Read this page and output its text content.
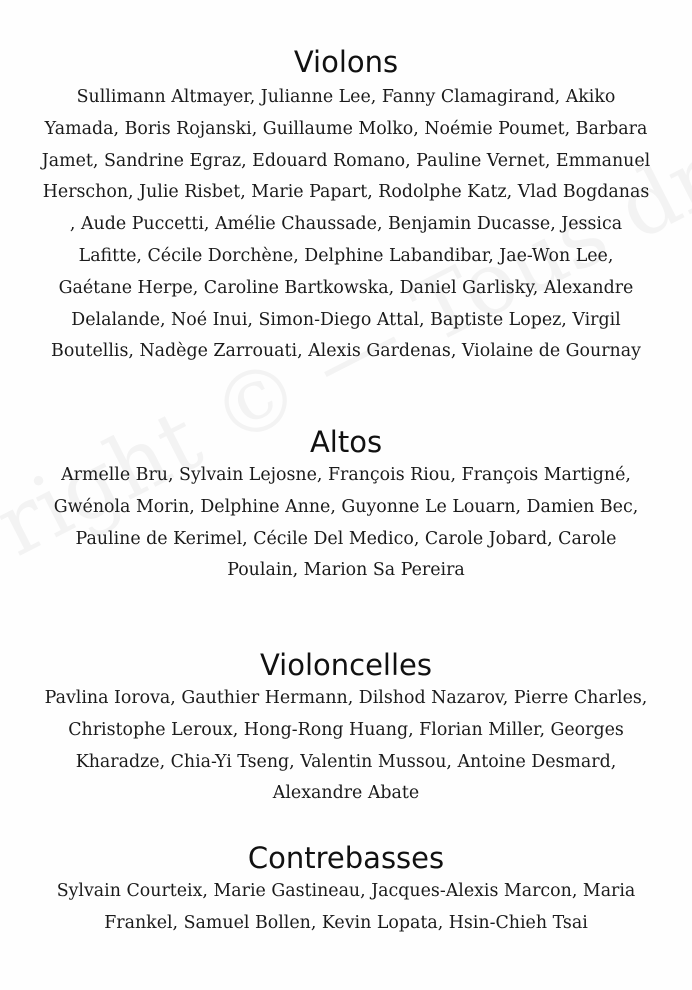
Violons

Sullimann Altmayer, Julianne Lee, Fanny Clamagirand, Akiko Yamada, Boris Rojanski, Guillaume Molko, Noémie Poumet, Barbara Jamet, Sandrine Egraz, Edouard Romano, Pauline Vernet, Emmanuel Herschon, Julie Risbet, Marie Papart, Rodolphe Katz, Vlad Bogdanas , Aude Puccetti, Amélie Chaussade, Benjamin Ducasse, Jessica Lafitte, Cécile Dorchène, Delphine Labandibar, Jae-Won Lee, Gaétane Herpe, Caroline Bartkowska, Daniel Garlisky, Alexandre Delalande, Noé Inui, Simon-Diego Attal, Baptiste Lopez, Virgil Boutellis, Nadège Zarrouati, Alexis Gardenas, Violaine de Gournay

Altos

Armelle Bru, Sylvain Lejosne, François Riou, François Martigné, Gwénola Morin, Delphine Anne, Guyonne Le Louarn, Damien Bec, Pauline de Kerimel, Cécile Del Medico, Carole Jobard, Carole Poulain, Marion Sa Pereira

Violoncelles

Pavlina Iorova, Gauthier Hermann, Dilshod Nazarov, Pierre Charles, Christophe Leroux, Hong-Rong Huang, Florian Miller, Georges Kharadze, Chia-Yi Tseng, Valentin Mussou, Antoine Desmard, Alexandre Abate

Contrebasses

Sylvain Courteix, Marie Gastineau, Jacques-Alexis Marcon, Maria Frankel, Samuel Bollen, Kevin Lopata, Hsin-Chieh Tsai
